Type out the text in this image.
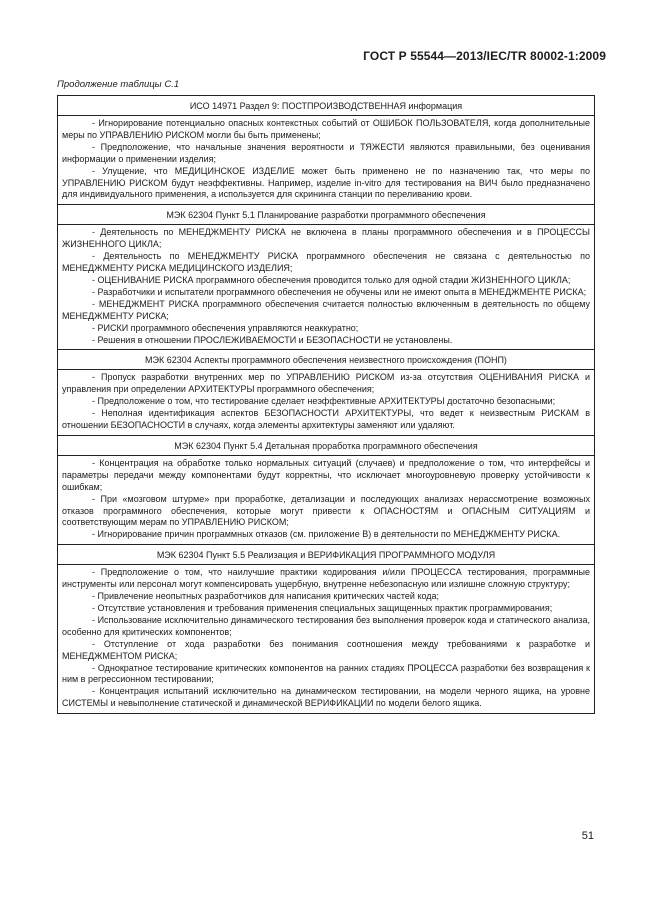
ГОСТ Р 55544—2013/IEC/TR 80002-1:2009
Продолжение таблицы С.1
ИСО 14971 Раздел 9: ПОСТПРОИЗВОДСТВЕННАЯ информация

- Игнорирование потенциально опасных контекстных событий от ОШИБОК ПОЛЬЗОВАТЕЛЯ, когда дополнительные меры по УПРАВЛЕНИЮ РИСКОМ могли бы быть применены;

- Предположение, что начальные значения вероятности и ТЯЖЕСТИ являются правильными, без оценивания информации о применении изделия;

- Улущение, что МЕДИЦИНСКОЕ ИЗДЕЛИЕ может быть применено не по назначению так, что меры по УПРАВЛЕНИЮ РИСКОМ будут неэффективны. Например, изделие in-vitro для тестирования на ВИЧ было предназначено для индивидуального применения, а используется для скрининга станции по переливанию крови.

МЭК 62304 Пункт 5.1 Планирование разработки программного обеспечения

- Деятельность по МЕНЕДЖМЕНТУ РИСКА не включена в планы программного обеспечения и в ПРОЦЕССЫ ЖИЗНЕННОГО ЦИКЛА;

- Деятельность по МЕНЕДЖМЕНТУ РИСКА программного обеспечения не связана с деятельностью по МЕНЕДЖМЕНТУ РИСКА МЕДИЦИНСКОГО ИЗДЕЛИЯ;

- ОЦЕНИВАНИЕ РИСКА программного обеспечения проводится только для одной стадии ЖИЗНЕННОГО ЦИКЛА;

- Разработчики и испытатели программного обеспечения не обучены или не имеют опыта в МЕНЕДЖМЕНТЕ РИСКА;

- МЕНЕДЖМЕНТ РИСКА программного обеспечения считается полностью включенным в деятельность по общему МЕНЕДЖМЕНТУ РИСКА;

- РИСКИ программного обеспечения управляются неаккуратно;

- Решения в отношении ПРОСЛЕЖИВАЕМОСТИ и БЕЗОПАСНОСТИ не установлены.

МЭК 62304 Аспекты программного обеспечения неизвестного происхождения (ПОНП)

- Пропуск разработки внутренних мер по УПРАВЛЕНИЮ РИСКОМ из-за отсутствия ОЦЕНИВАНИЯ РИСКА и управления при определении АРХИТЕКТУРЫ программного обеспечения;

- Предположение о том, что тестирование сделает неэффективные АРХИТЕКТУРЫ достаточно безопасными;

- Неполная идентификация аспектов БЕЗОПАСНОСТИ АРХИТЕКТУРЫ, что ведет к неизвестным РИСКАМ в отношении БЕЗОПАСНОСТИ в случаях, когда элементы архитектуры заменяют или удаляют.

МЭК 62304 Пункт 5.4 Детальная проработка программного обеспечения

- Концентрация на обработке только нормальных ситуаций (случаев) и предположение о том, что интерфейсы и параметры передачи между компонентами будут корректны, что исключает многоуровневую проверку устойчивости к ошибкам;

- При «мозговом штурме» при проработке, детализации и последующих анализах нерассмотрение возможных отказов программного обеспечения, которые могут привести к ОПАСНОСТЯМ и ОПАСНЫМ СИТУАЦИЯМ и соответствующим мерам по УПРАВЛЕНИЮ РИСКОМ;

- Игнорирование причин программных отказов (см. приложение В) в деятельности по МЕНЕДЖМЕНТУ РИСКА.

МЭК 62304 Пункт 5.5 Реализация и ВЕРИФИКАЦИЯ ПРОГРАММНОГО МОДУЛЯ

- Предположение о том, что наилучшие практики кодирования и/или ПРОЦЕССА тестирования, программные инструменты или персонал могут компенсировать ущербную, внутренне небезопасную или излишне сложную структуру;

- Привлечение неопытных разработчиков для написания критических частей кода;

- Отсутствие установления и требования применения специальных защищенных практик программирования;

- Использование исключительно динамического тестирования без выполнения проверок кода и статического анализа, особенно для критических компонентов;

- Отступление от хода разработки без понимания соотношения между требованиями к разработке и МЕНЕДЖМЕНТОМ РИСКА;

- Однократное тестирование критических компонентов на ранних стадиях ПРОЦЕССА разработки без возвращения к ним в регрессионном тестировании;

- Концентрация испытаний исключительно на динамическом тестировании, на модели черного ящика, на уровне СИСТЕМЫ и невыполнение статической и динамической ВЕРИФИКАЦИИ по модели белого ящика.

51
